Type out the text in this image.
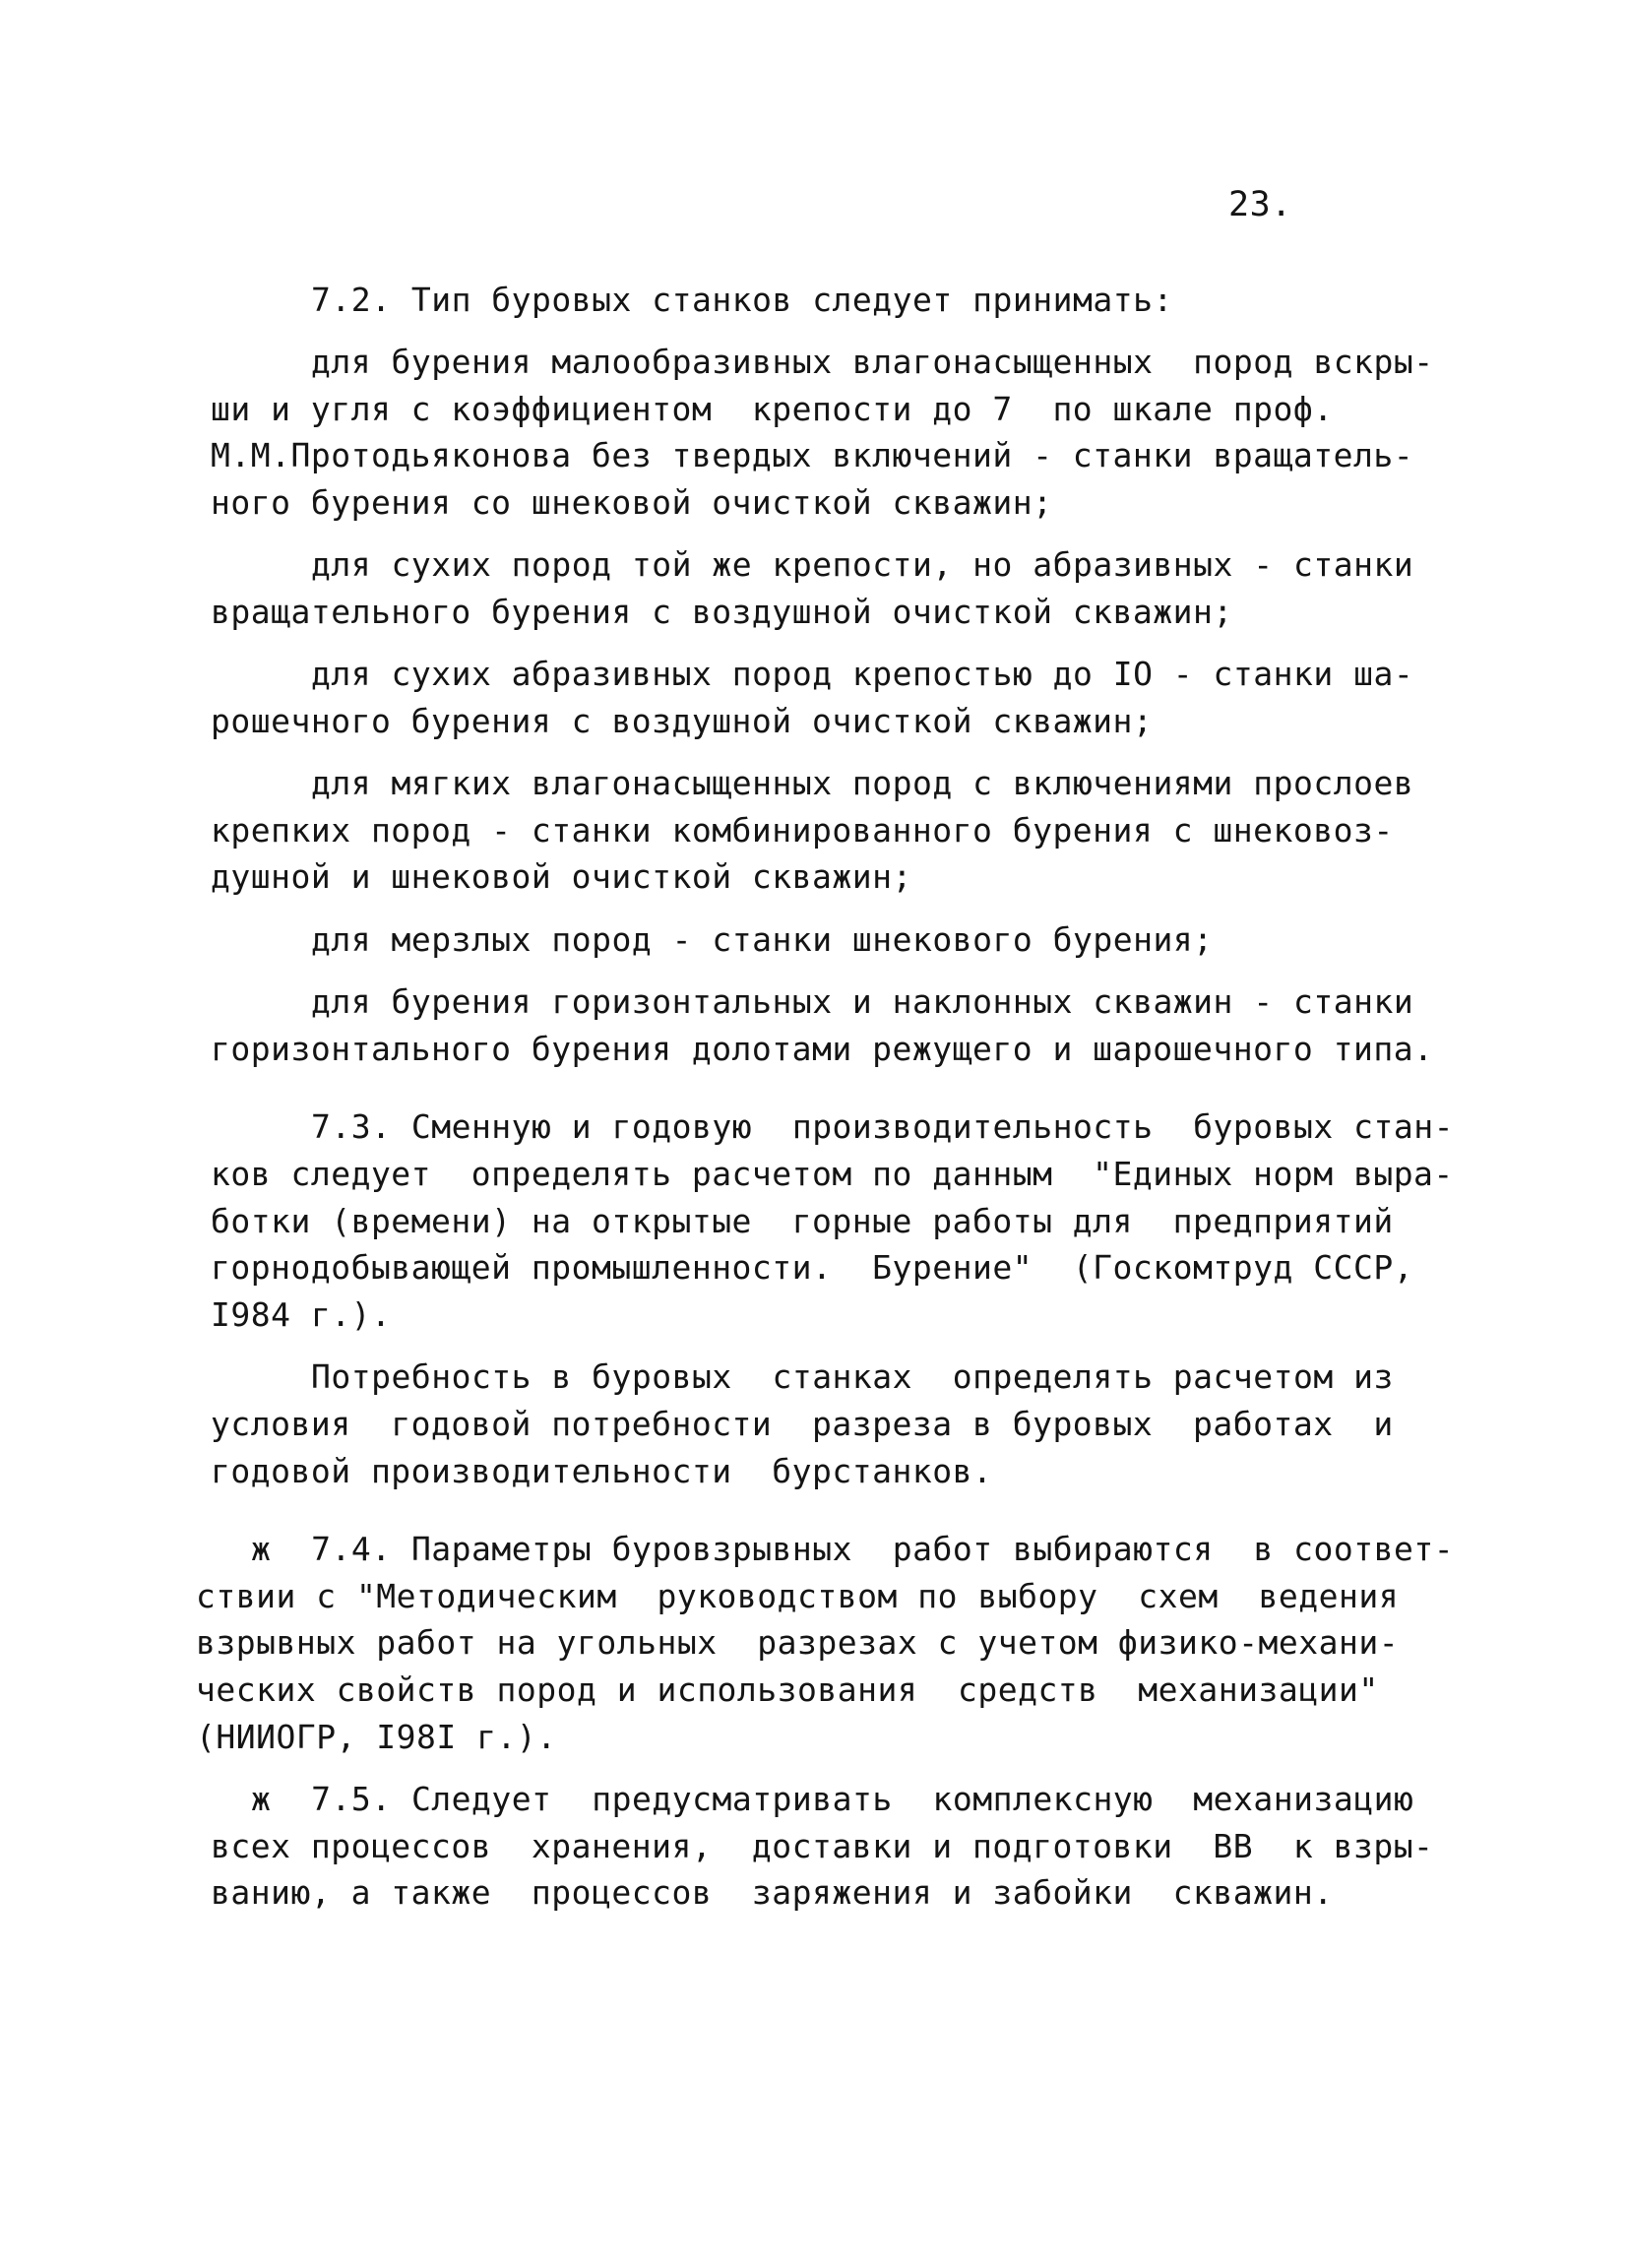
23.
7.2. Тип буровых станков следует принимать:
для бурения малообразивных влагонасыщенных  пород вскры-
ши и угля с коэффициентом  крепости до 7  по шкале проф.
М.М.Протодьяконова без твердых включений - станки вращатель-
ного бурения со шнековой очисткой скважин;
для сухих пород той же крепости, но абразивных - станки
вращательного бурения с воздушной очисткой скважин;
для сухих абразивных пород крепостью до IO - станки ша-
рошечного бурения с воздушной очисткой скважин;
для мягких влагонасыщенных пород с включениями прослоев
крепких пород - станки комбинированного бурения с шнековоз-
душной и шнековой очисткой скважин;
для мерзлых пород - станки шнекового бурения;
для бурения горизонтальных и наклонных скважин - станки
горизонтального бурения долотами режущего и шарошечного типа.
7.3. Сменную и годовую  производительность  буровых стан-
ков следует  определять расчетом по данным  "Единых норм выра-
ботки (времени) на открытые  горные работы для  предприятий
горнодобывающей промышленности.  Бурение"  (Госкомтруд СССР,
I984 г.).
Потребность в буровых  станках  определять расчетом из
условия  годовой потребности  разреза в буровых  работах  и
годовой производительности  бурстанков.
ж  7.4. Параметры буровзрывных  работ выбираются  в соответ-
ствии с "Методическим  руководством по выбору  схем  ведения
взрывных работ на угольных  разрезах с учетом физико-механи-
ческих свойств пород и использования  средств  механизации"
(НИИОГР, I98I г.).
ж  7.5. Следует  предусматривать  комплексную  механизацию
всех процессов  хранения,  доставки и подготовки  ВВ  к взры-
ванию, а также  процессов  заряжения и забойки  скважин.
